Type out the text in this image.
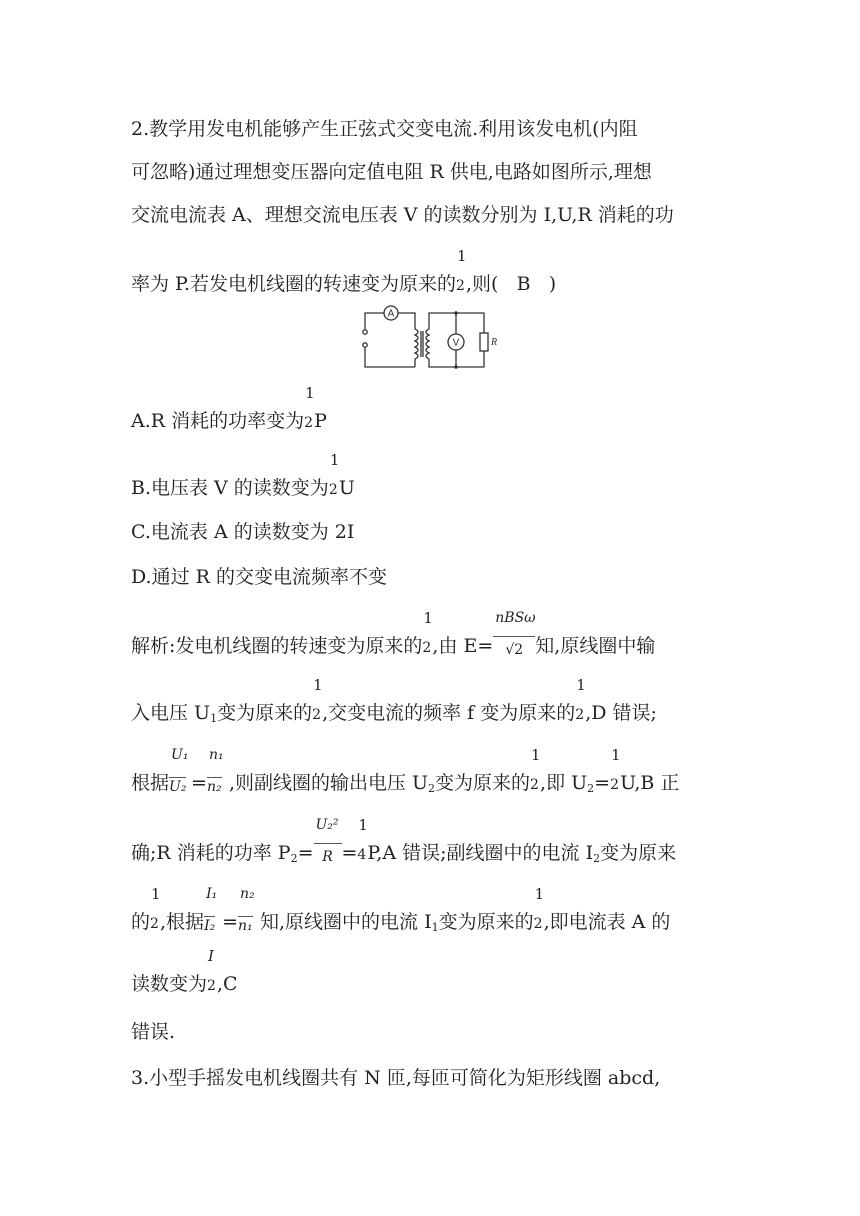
2.教学用发电机能够产生正弦式交变电流.利用该发电机(内阻
可忽略)通过理想变压器向定值电阻 R 供电,电路如图所示,理想
交流电流表 A、理想交流电压表 V 的读数分别为 I,U,R 消耗的功
率为 P.若发电机线圈的转速变为原来的
1
2 ,则( B )
A
V	R
A.R 消耗的功率变为
1
2 P
B.电压表 V 的读数变为
1
2 U
C.电流表 A 的读数变为 2I
D.通过 R 的交变电流频率不变
解析:发电机线圈的转速变为原来的
1
2 ,由 $E= \frac{\text{nBSω}}{√2}$知,原线圈中输
入电压 $U_1$变为原来的
1
2 ,交变电流的频率 f 变为原来的
1
2 ,D 错误;
根据 $\frac{\text{U₁}}{\text{U₂}}= \frac{\text{n₁}}{\text{n₂}}$,则副线圈的输出电压 $U_2$变为原来的
1
2 ,即 $U_2=$
1
2 U,B 正
确;R 消耗的功率 $P_2= \frac{\text{U₂²}}{R}=$
1
4 P,A 错误;副线圈中的电流 $I_2$变为原来
的
1
2 ,根据 $\frac{\text{I₁}}{\text{I₂}}= \frac{\text{n₂}}{\text{n₁}}$知,原线圈中的电流 $I_1$变为原来的
1
2 ,即电流表 A 的
读数变为
I
2 ,C
错误.
3.小型手摇发电机线圈共有 N 匝,每匝可简化为矩形线圈 abcd,
